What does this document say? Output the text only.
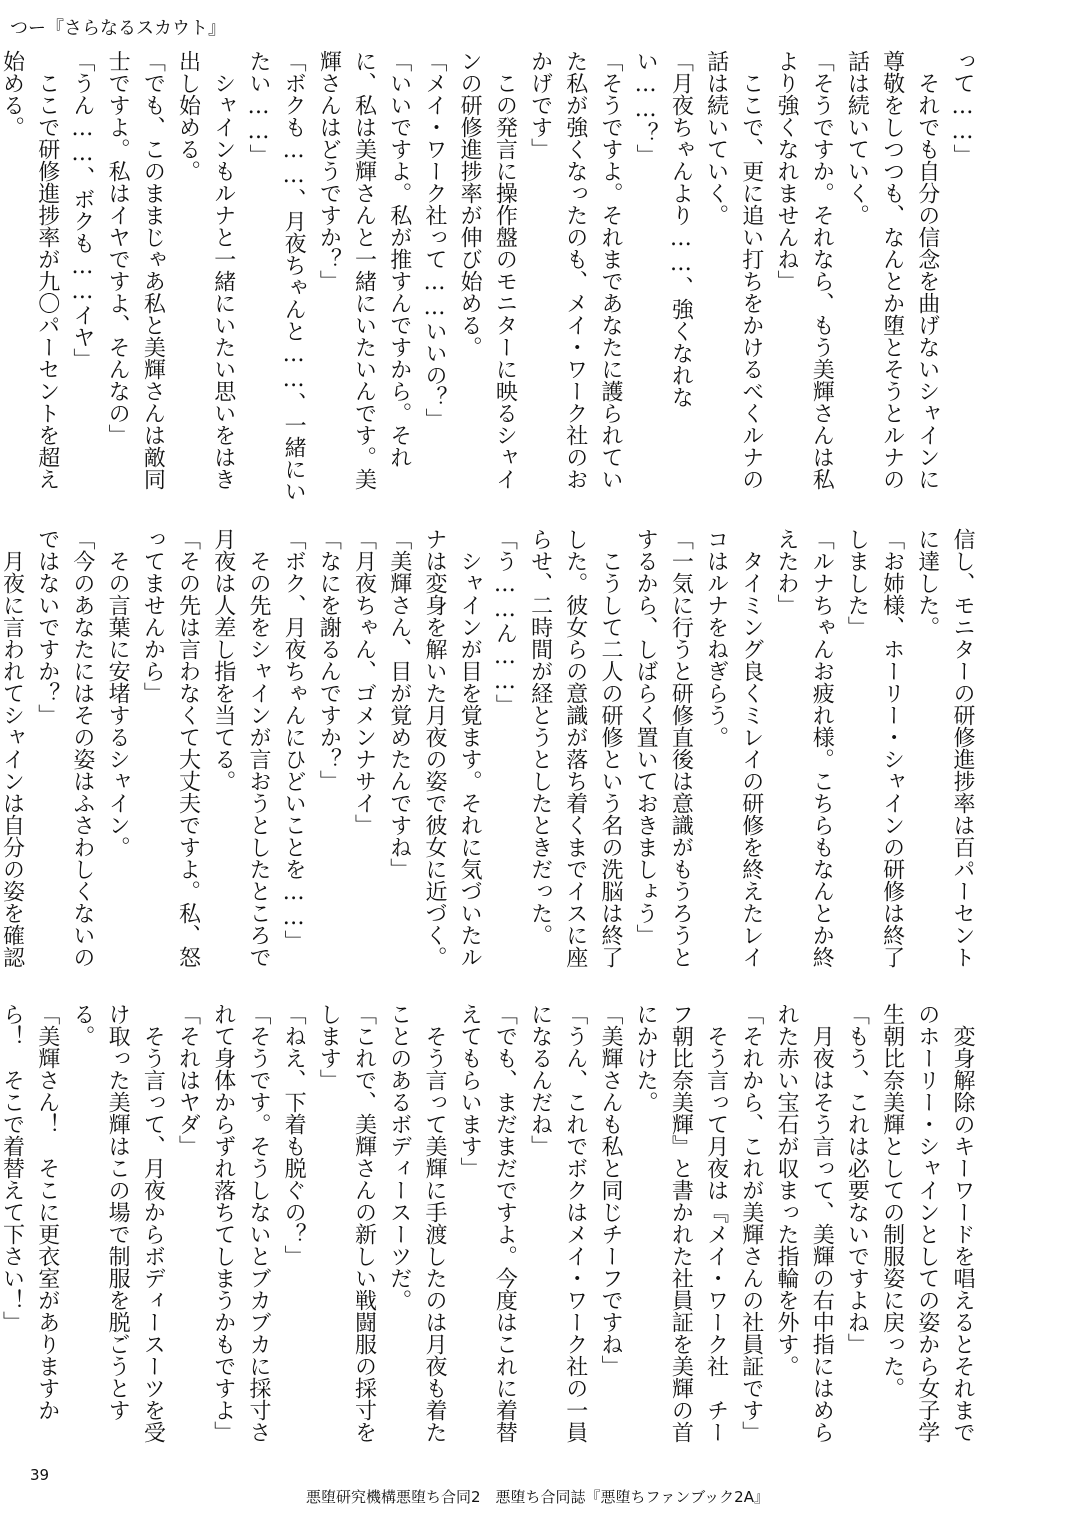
つー『さらなるスカウト』

って……」

それでも自分の信念を曲げないシャインに尊敬をしつつも、なんとか堕とそうとルナの話は続いていく。

「そうですか。それなら、もう美輝さんは私より強くなれませんね」

ここで、更に追い打ちをかけるべくルナの話は続いていく。

「月夜ちゃんより……、強くなれない……？」

「そうですよ。それまであなたに護られていた私が強くなったのも、メイ・ワーク社のおかげです」

この発言に操作盤のモニターに映るシャインの研修進捗率が伸び始める。

「メイ・ワーク社って……いいの？」

「いいですよ。私が推すんですから。それに、私は美輝さんと一緒にいたいんです。美輝さんはどうですか？」

「ボクも……、月夜ちゃんと……、一緒にいたい……」

シャインもルナと一緒にいたい思いをはき出し始める。

「でも、このままじゃあ私と美輝さんは敵同士ですよ。私はイヤですよ、そんなの」

「うん……、ボクも……イヤ」

ここで研修進捗率が九〇パーセントを超え始める。

信し、モニターの研修進捗率は百パーセントに達した。

「お姉様、ホーリー・シャインの研修は終了しました」

「ルナちゃんお疲れ様。こちらもなんとか終えたわ」

タイミング良くミレイの研修を終えたレイコはルナをねぎらう。

「一気に行うと研修直後は意識がもうろうとするから、しばらく置いておきましょう」

こうして二人の研修という名の洗脳は終了した。彼女らの意識が落ち着くまでイスに座らせ、二時間が経とうとしたときだった。

「う……ん……」

シャインが目を覚ます。それに気づいたルナは変身を解いた月夜の姿で彼女に近づく。

「美輝さん、目が覚めたんですね」

「月夜ちゃん、ゴメンナサイ」

「なにを謝るんですか？」

「ボク、月夜ちゃんにひどいことを……」

その先をシャインが言おうとしたところで月夜は人差し指を当てる。

「その先は言わなくて大丈夫ですよ。私、怒ってませんから」

その言葉に安堵するシャイン。

「今のあなたにはその姿はふさわしくないのではないですか？」

月夜に言われてシャインは自分の姿を確認

変身解除のキーワードを唱えるとそれまでのホーリー・シャインとしての姿から女子学生朝比奈美輝としての制服姿に戻った。

「もう、これは必要ないですよね」

月夜はそう言って、美輝の右中指にはめられた赤い宝石が収まった指輪を外す。

「それから、これが美輝さんの社員証です」

そう言って月夜は『メイ・ワーク社　チーフ朝比奈美輝』と書かれた社員証を美輝の首にかけた。

「美輝さんも私と同じチーフですね」

「うん、これでボクはメイ・ワーク社の一員になるんだね」

「でも、まだまだですよ。今度はこれに着替えてもらいます」

そう言って美輝に手渡したのは月夜も着たことのあるボディースーツだ。

「これで、美輝さんの新しい戦闘服の採寸をします」

「ねえ、下着も脱ぐの？」

「そうです。そうしないとブカブカに採寸されて身体からずれ落ちてしまうかもですよ」

「それはヤダ」

そう言って、月夜からボディースーツを受け取った美輝はこの場で制服を脱ごうとする。

「美輝さん！　そこに更衣室がありますから！　そこで着替えて下さい！」

39
悪堕研究機構悪堕ち合同2　悪堕ち合同誌『悪堕ちファンブック2A』
